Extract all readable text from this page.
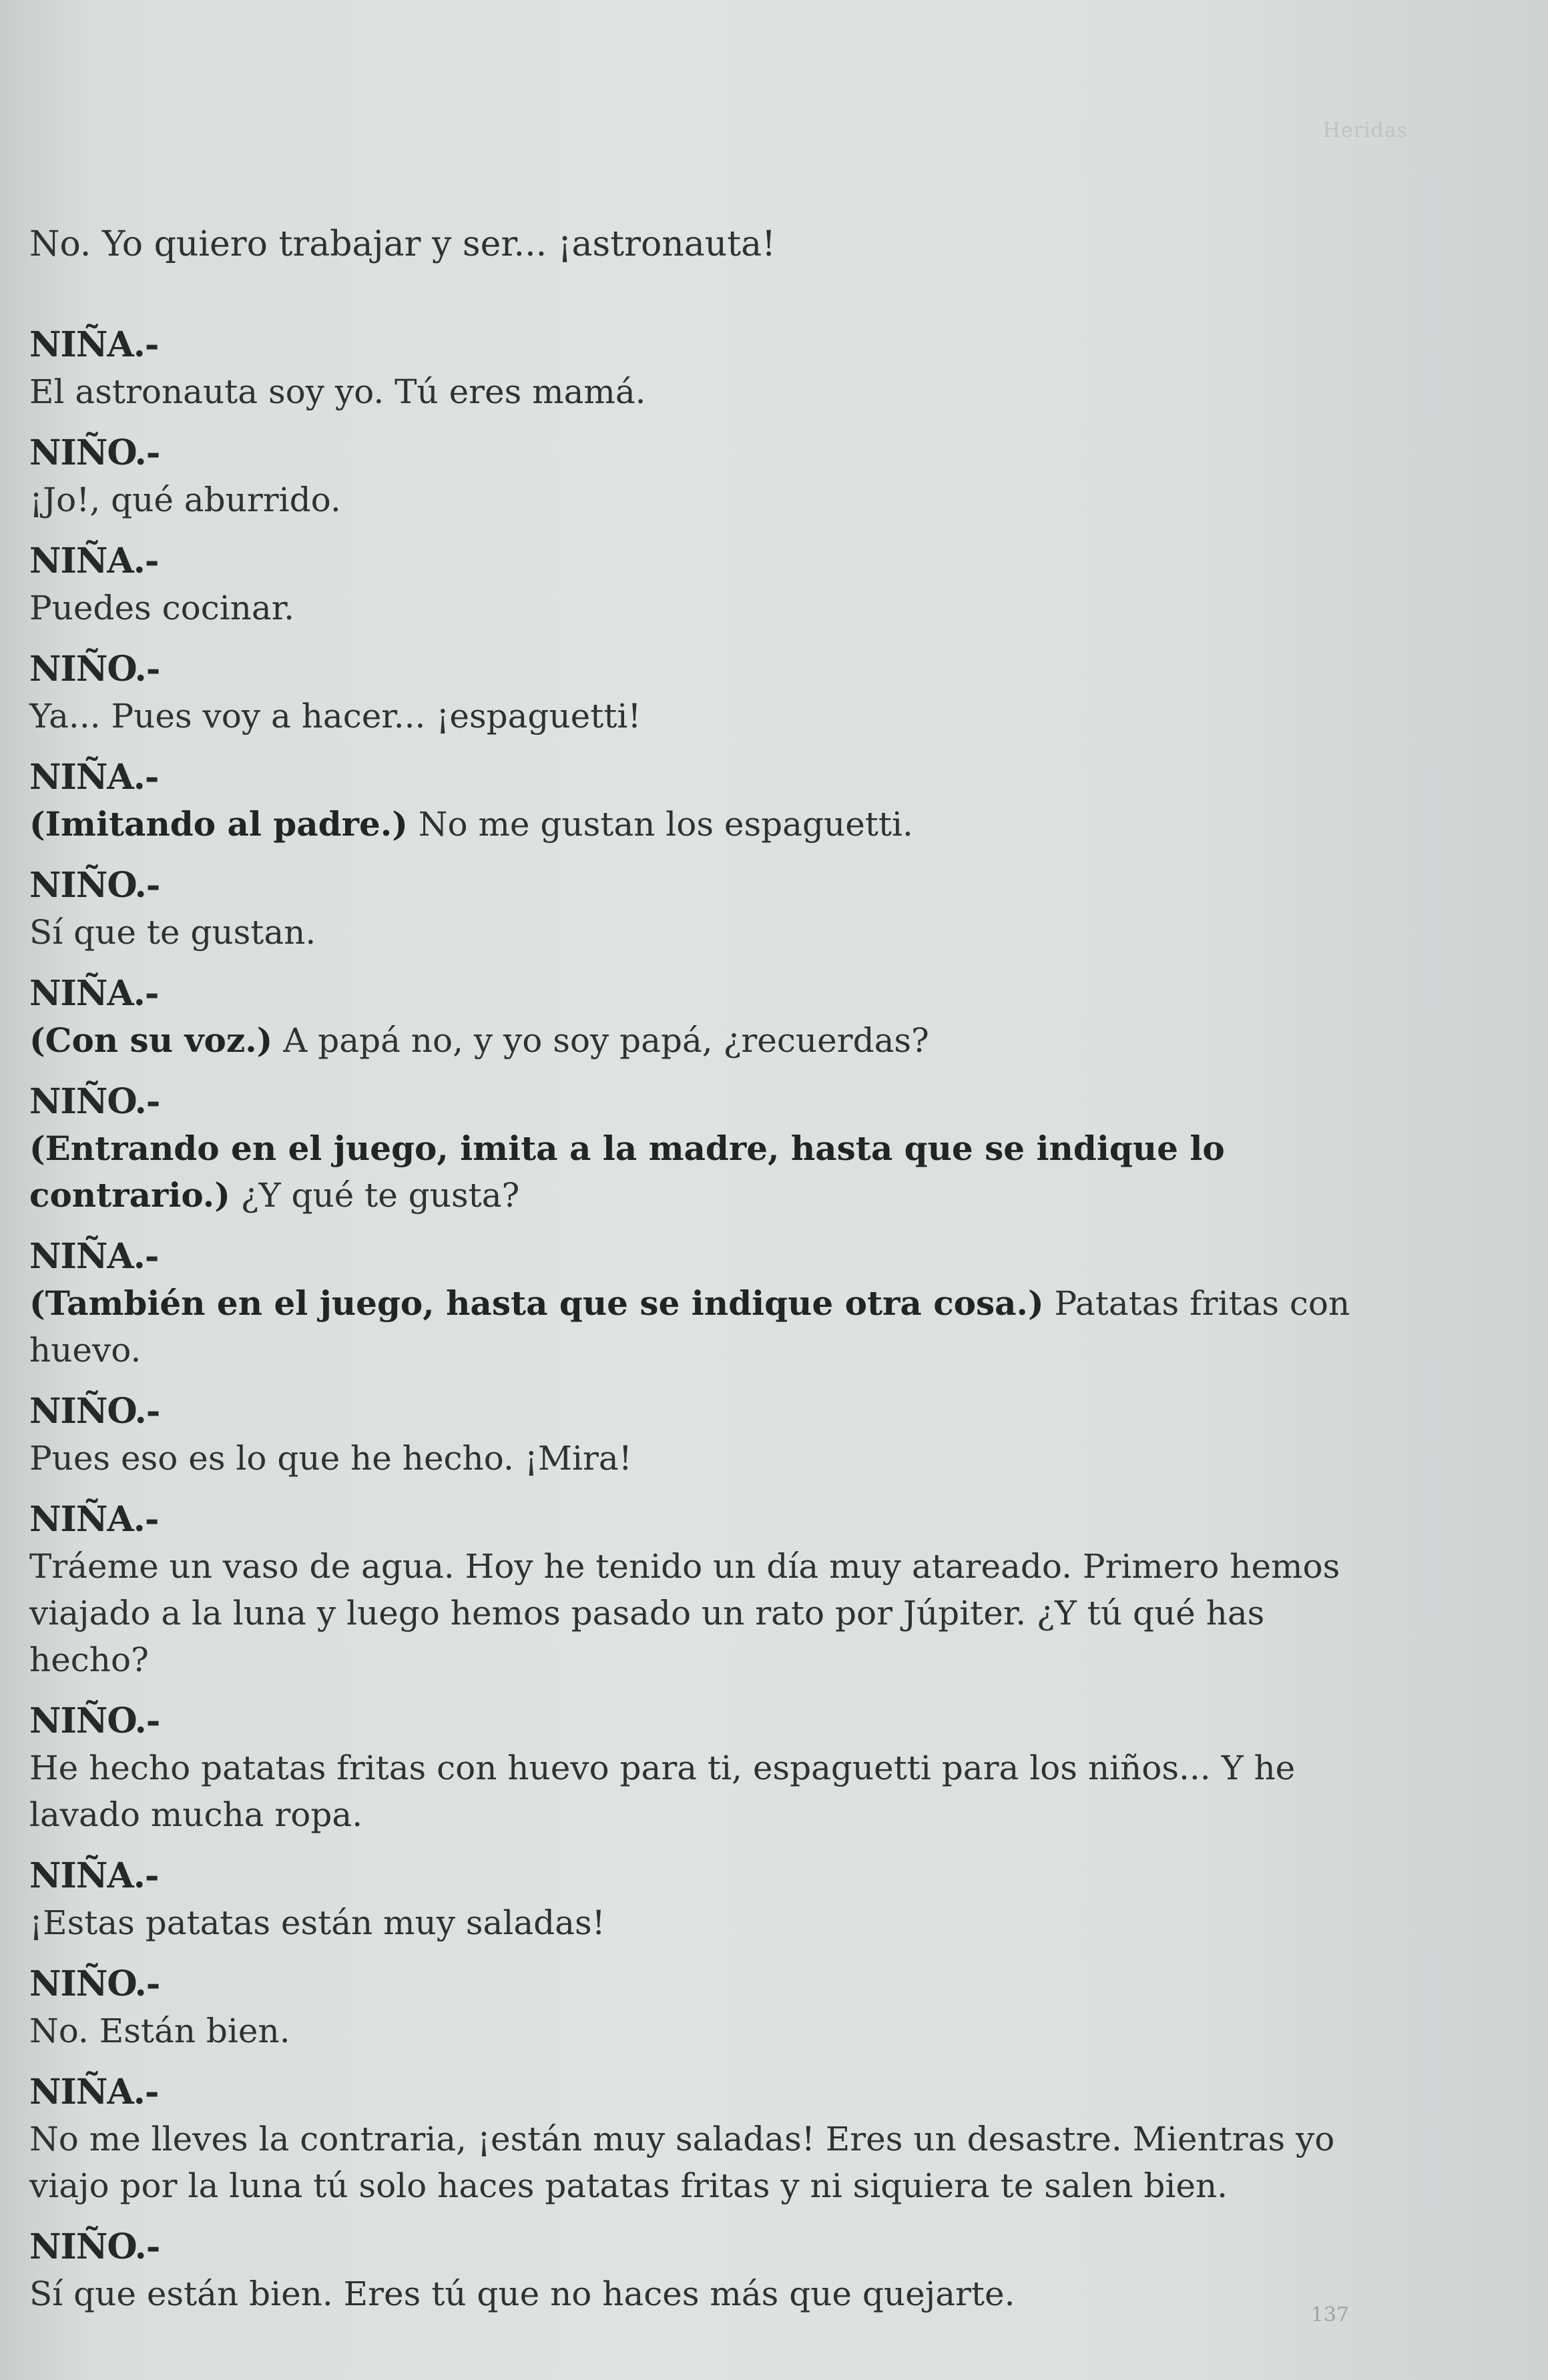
Heridas
No. Yo quiero trabajar y ser... ¡astronauta!
NIÑA.-
El astronauta soy yo. Tú eres mamá.
NIÑO.-
¡Jo!, qué aburrido.
NIÑA.-
Puedes cocinar.
NIÑO.-
Ya... Pues voy a hacer... ¡espaguetti!
NIÑA.-
(Imitando al padre.) No me gustan los espaguetti.
NIÑO.-
Sí que te gustan.
NIÑA.-
(Con su voz.) A papá no, y yo soy papá, ¿recuerdas?
NIÑO.-
(Entrando en el juego, imita a la madre, hasta que se indique lo contrario.) ¿Y qué te gusta?
NIÑA.-
(También en el juego, hasta que se indique otra cosa.) Patatas fritas con huevo.
NIÑO.-
Pues eso es lo que he hecho. ¡Mira!
NIÑA.-
Tráeme un vaso de agua. Hoy he tenido un día muy atareado. Primero hemos viajado a la luna y luego hemos pasado un rato por Júpiter. ¿Y tú qué has hecho?
NIÑO.-
He hecho patatas fritas con huevo para ti, espaguetti para los niños... Y he lavado mucha ropa.
NIÑA.-
¡Estas patatas están muy saladas!
NIÑO.-
No. Están bien.
NIÑA.-
No me lleves la contraria, ¡están muy saladas! Eres un desastre. Mientras yo viajo por la luna tú solo haces patatas fritas y ni siquiera te salen bien.
NIÑO.-
Sí que están bien. Eres tú que no haces más que quejarte.
137
